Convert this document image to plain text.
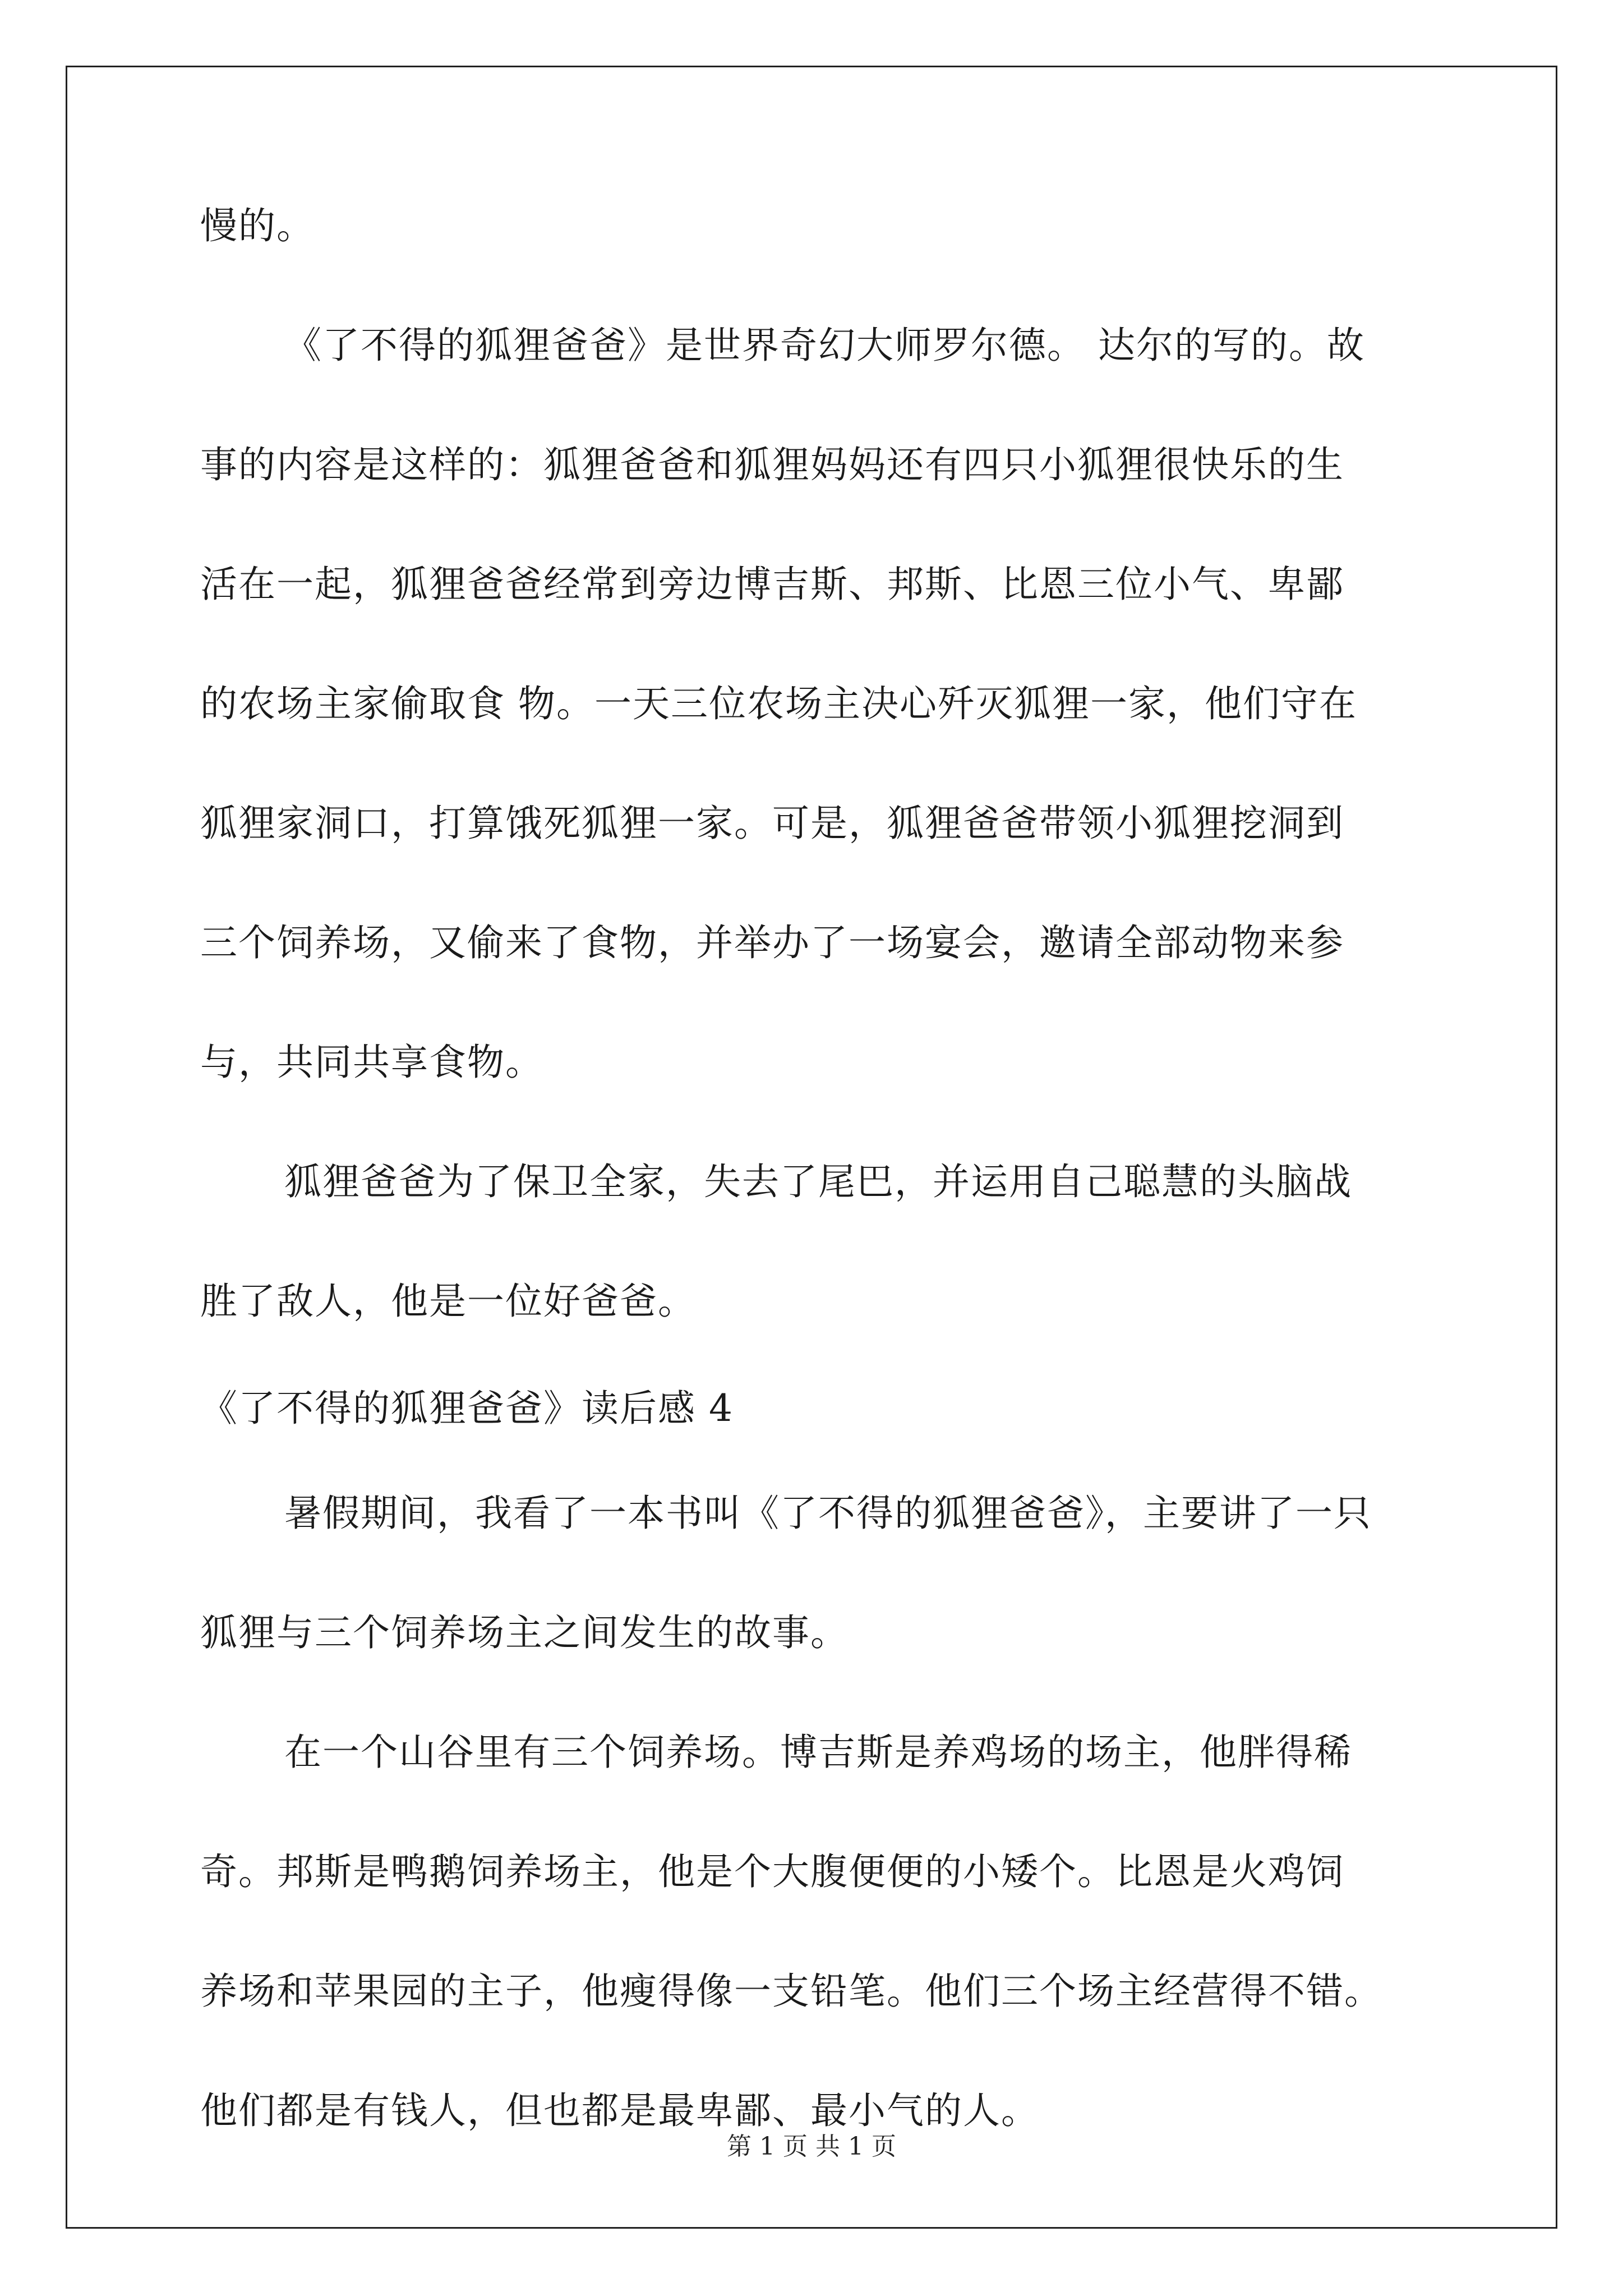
慢的。
《了不得的狐狸爸爸》是世界奇幻大师罗尔德。 达尔的写的。故
事的内容是这样的：狐狸爸爸和狐狸妈妈还有四只小狐狸很快乐的生
活在一起，狐狸爸爸经常到旁边博吉斯、邦斯、比恩三位小气、卑鄙
的农场主家偷取食 物。一天三位农场主决心歼灭狐狸一家，他们守在
狐狸家洞口，打算饿死狐狸一家。可是，狐狸爸爸带领小狐狸挖洞到
三个饲养场，又偷来了食物，并举办了一场宴会，邀请全部动物来参
与，共同共享食物。
狐狸爸爸为了保卫全家，失去了尾巴，并运用自己聪慧的头脑战
胜了敌人，他是一位好爸爸。
《了不得的狐狸爸爸》读后感 4
暑假期间，我看了一本书叫《了不得的狐狸爸爸》，主要讲了一只
狐狸与三个饲养场主之间发生的故事。
在一个山谷里有三个饲养场。博吉斯是养鸡场的场主，他胖得稀
奇。邦斯是鸭鹅饲养场主，他是个大腹便便的小矮个。比恩是火鸡饲
养场和苹果园的主子，他瘦得像一支铅笔。他们三个场主经营得不错。
他们都是有钱人，但也都是最卑鄙、最小气的人。
第 1 页 共 1 页
